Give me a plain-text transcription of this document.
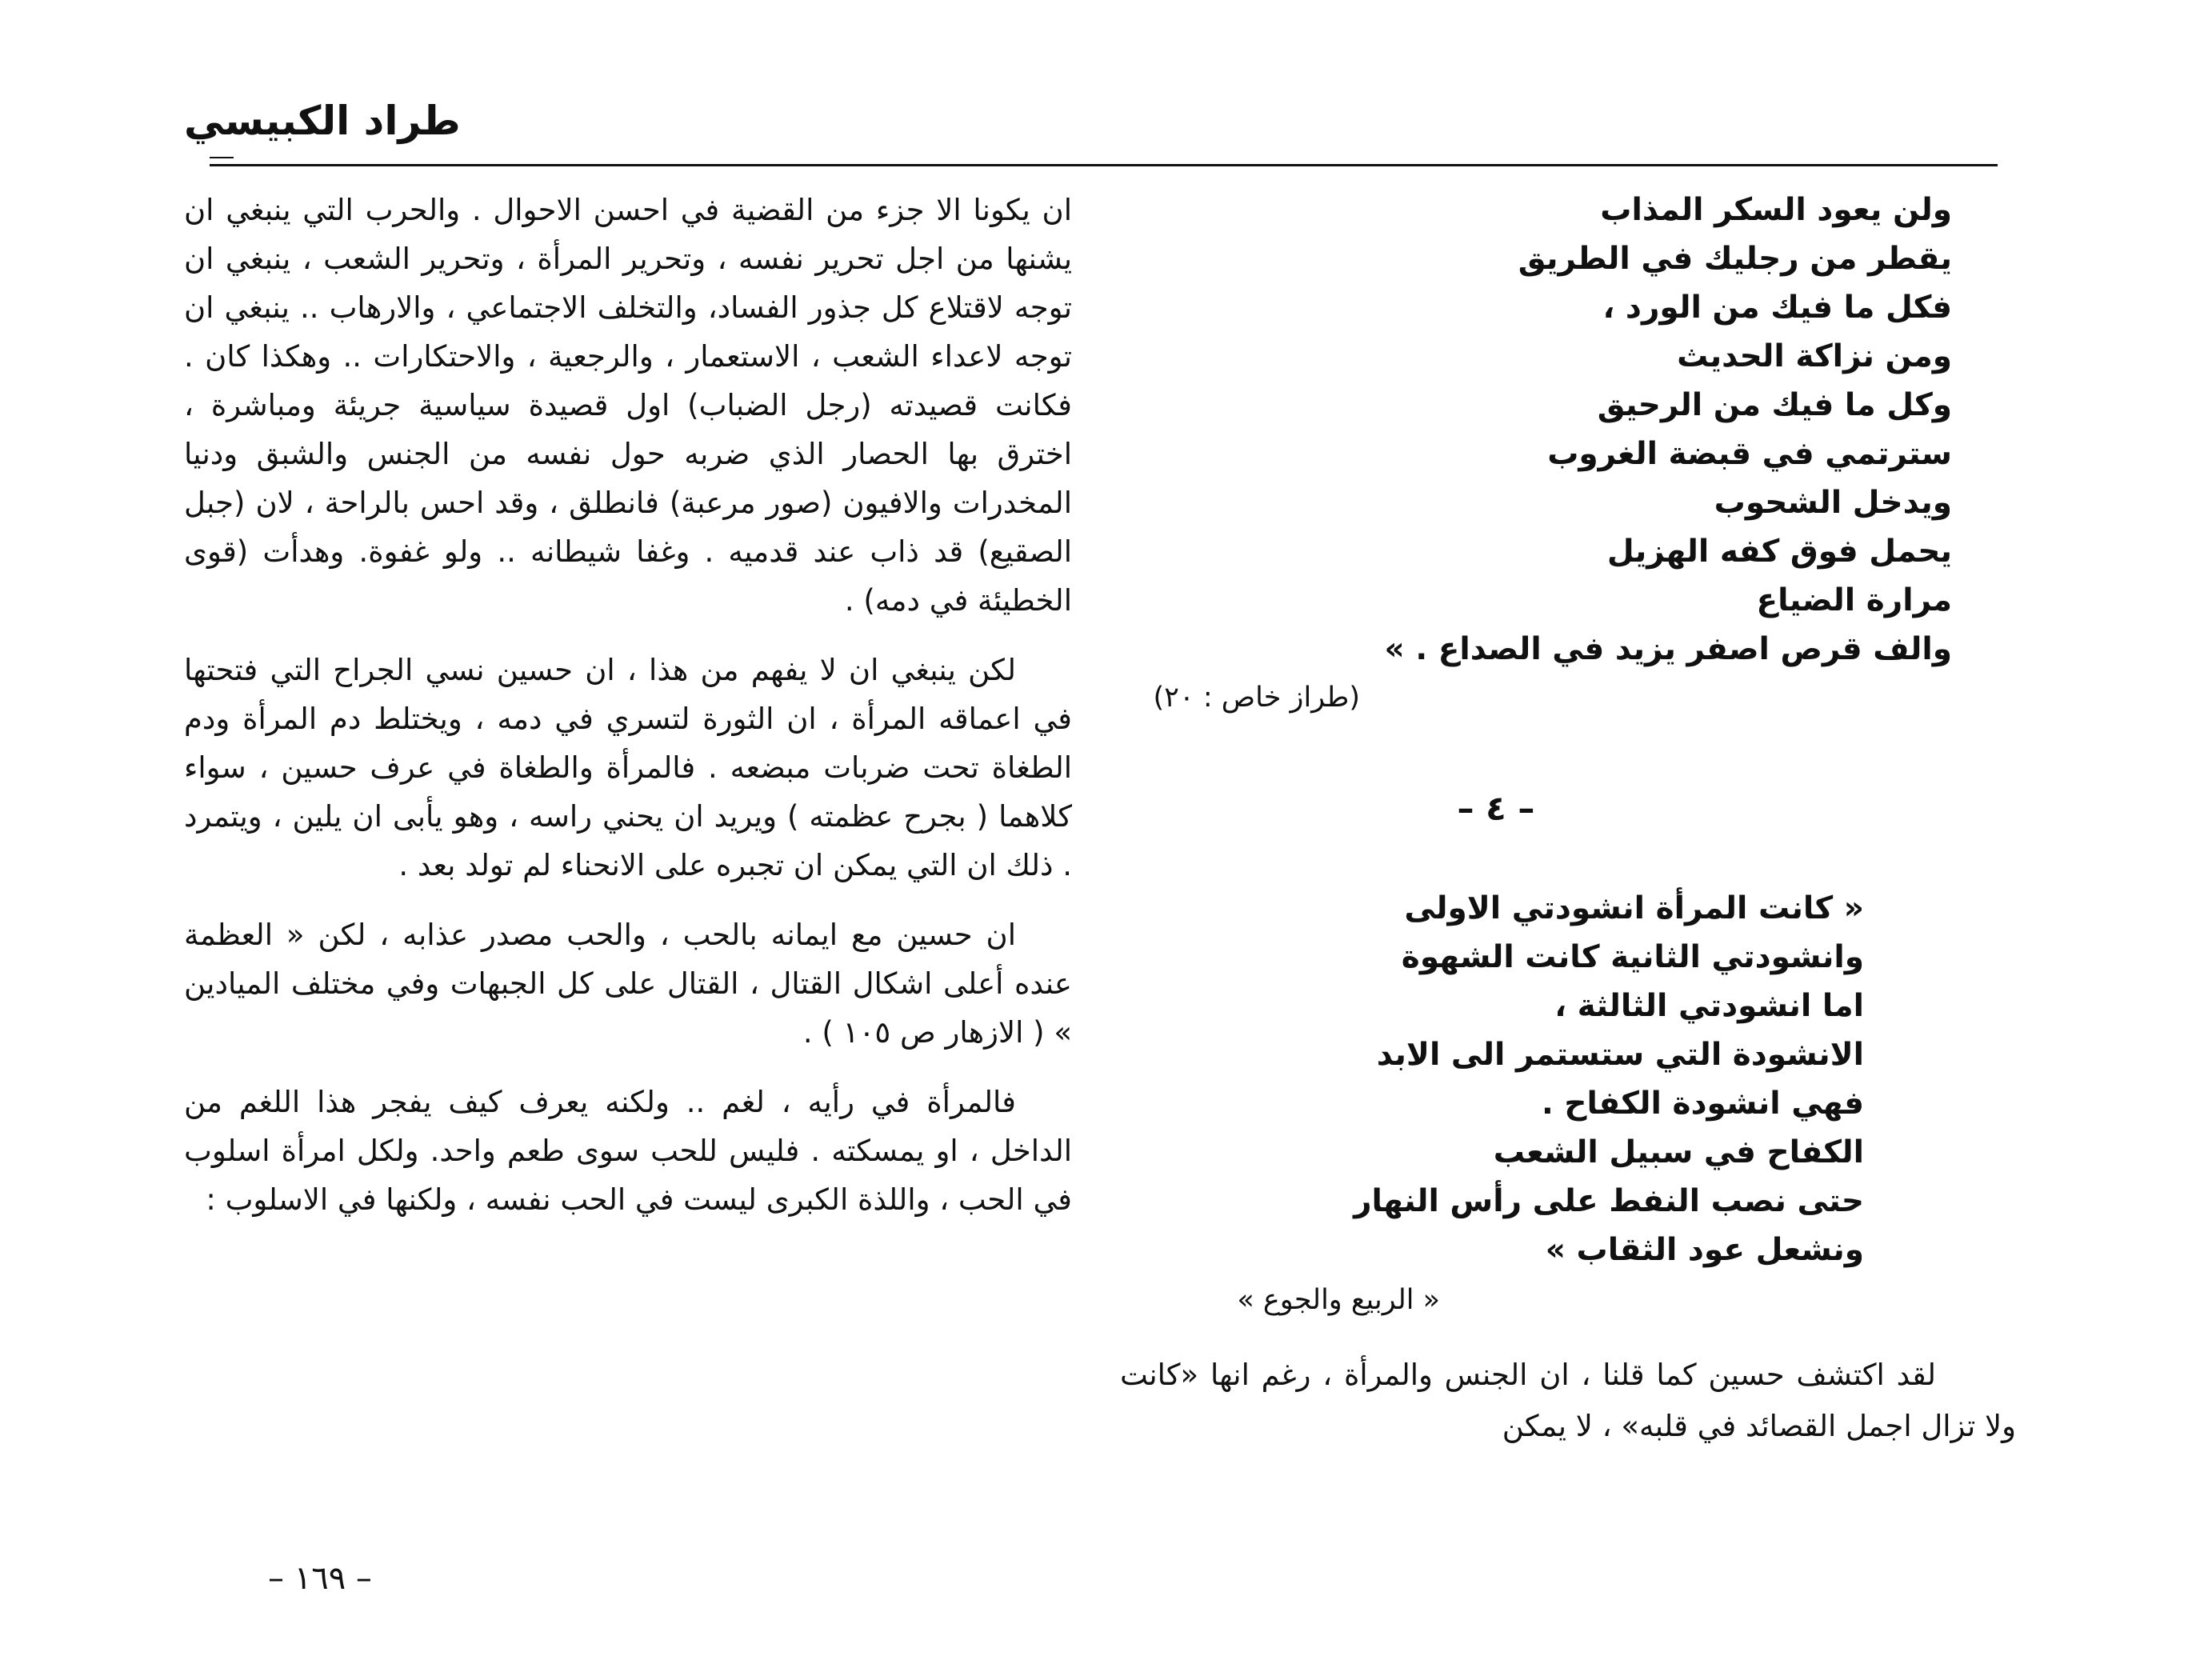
طراد الكبيسي
ولن يعود السكر المذاب
يقطر من رجليك في الطريق
فكل ما فيك من الورد ،
ومن نزاكة الحديث
وكل ما فيك من الرحيق
سترتمي في قبضة الغروب
ويدخل الشحوب
يحمل فوق كفه الهزيل
مرارة الضياع
والف قرص اصفر يزيد في الصداع . »
(طراز خاص : ٢٠)
– ٤ –
« كانت المرأة انشودتي الاولى
وانشودتي الثانية كانت الشهوة
اما انشودتي الثالثة ،
الانشودة التي ستستمر الى الابد
فهي انشودة الكفاح .
الكفاح في سبيل الشعب
حتى نصب النفط على رأس النهار
ونشعل عود الثقاب »
« الربيع والجوع »

لقد اكتشف حسين كما قلنا ، ان الجنس والمرأة ، رغم انها «كانت ولا تزال اجمل القصائد في قلبه» ، لا يمكن

ان يكونا الا جزء من القضية في احسن الاحوال . والحرب التي ينبغي ان يشنها من اجل تحرير نفسه ، وتحرير المرأة ، وتحرير الشعب ، ينبغي ان توجه لاقتلاع كل جذور الفساد، والتخلف الاجتماعي ، والارهاب .. ينبغي ان توجه لاعداء الشعب ، الاستعمار ، والرجعية ، والاحتكارات .. وهكذا كان . فكانت قصيدته (رجل الضباب) اول قصيدة سياسية جريئة ومباشرة ، اخترق بها الحصار الذي ضربه حول نفسه من الجنس والشبق ودنيا المخدرات والافيون (صور مرعبة) فانطلق ، وقد احس بالراحة ، لان (جبل الصقيع) قد ذاب عند قدميه . وغفا شيطانه .. ولو غفوة. وهدأت (قوى الخطيئة في دمه) .

لكن ينبغي ان لا يفهم من هذا ، ان حسين نسي الجراح التي فتحتها في اعماقه المرأة ، ان الثورة لتسري في دمه ، ويختلط دم المرأة ودم الطغاة تحت ضربات مبضعه . فالمرأة والطغاة في عرف حسين ، سواء كلاهما ( بجرح عظمته ) ويريد ان يحني راسه ، وهو يأبى ان يلين ، ويتمرد . ذلك ان التي يمكن ان تجبره على الانحناء لم تولد بعد .

ان حسين مع ايمانه بالحب ، والحب مصدر عذابه ، لكن « العظمة عنده أعلى اشكال القتال ، القتال على كل الجبهات وفي مختلف الميادين » ( الازهار ص ١٠٥ ) .

فالمرأة في رأيه ، لغم .. ولكنه يعرف كيف يفجر هذا اللغم من الداخل ، او يمسكته . فليس للحب سوى طعم واحد. ولكل امرأة اسلوب في الحب ، واللذة الكبرى ليست في الحب نفسه ، ولكنها في الاسلوب :

– ١٦٩ –
